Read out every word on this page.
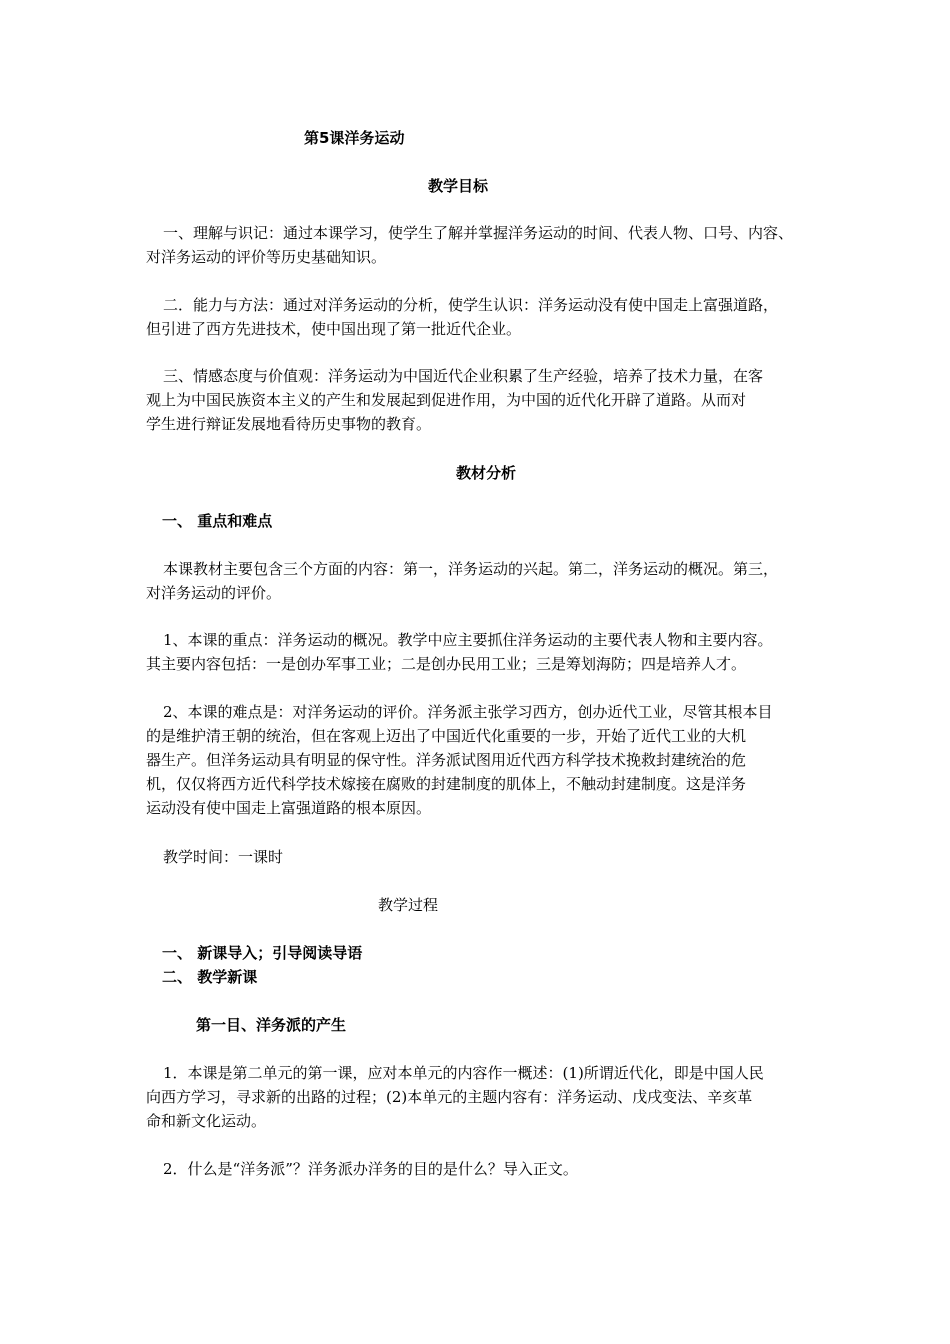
第5课洋务运动
教学目标
一、理解与识记：通过本课学习，使学生了解并掌握洋务运动的时间、代表人物、口号、内容、
对洋务运动的评价等历史基础知识。
二．能力与方法：通过对洋务运动的分析，使学生认识：洋务运动没有使中国走上富强道路，
但引进了西方先进技术，使中国出现了第一批近代企业。
三、情感态度与价值观：洋务运动为中国近代企业积累了生产经验，培养了技术力量，在客
观上为中国民族资本主义的产生和发展起到促进作用，为中国的近代化开辟了道路。从而对
学生进行辩证发展地看待历史事物的教育。
教材分析
一、 重点和难点
本课教材主要包含三个方面的内容：第一，洋务运动的兴起。第二，洋务运动的概况。第三，
对洋务运动的评价。
1、本课的重点：洋务运动的概况。教学中应主要抓住洋务运动的主要代表人物和主要内容。
其主要内容包括：一是创办军事工业；二是创办民用工业；三是筹划海防；四是培养人才。
2、本课的难点是：对洋务运动的评价。洋务派主张学习西方，创办近代工业，尽管其根本目
的是维护清王朝的统治，但在客观上迈出了中国近代化重要的一步，开始了近代工业的大机
器生产。但洋务运动具有明显的保守性。洋务派试图用近代西方科学技术挽救封建统治的危
机，仅仅将西方近代科学技术嫁接在腐败的封建制度的肌体上，不触动封建制度。这是洋务
运动没有使中国走上富强道路的根本原因。
教学时间：一课时
教学过程
一、 新课导入；引导阅读导语
二、 教学新课
第一目、洋务派的产生
1．本课是第二单元的第一课，应对本单元的内容作一概述：(1)所谓近代化，即是中国人民
向西方学习，寻求新的出路的过程；(2)本单元的主题内容有：洋务运动、戊戌变法、辛亥革
命和新文化运动。
2．什么是“洋务派”？洋务派办洋务的目的是什么？导入正文。
